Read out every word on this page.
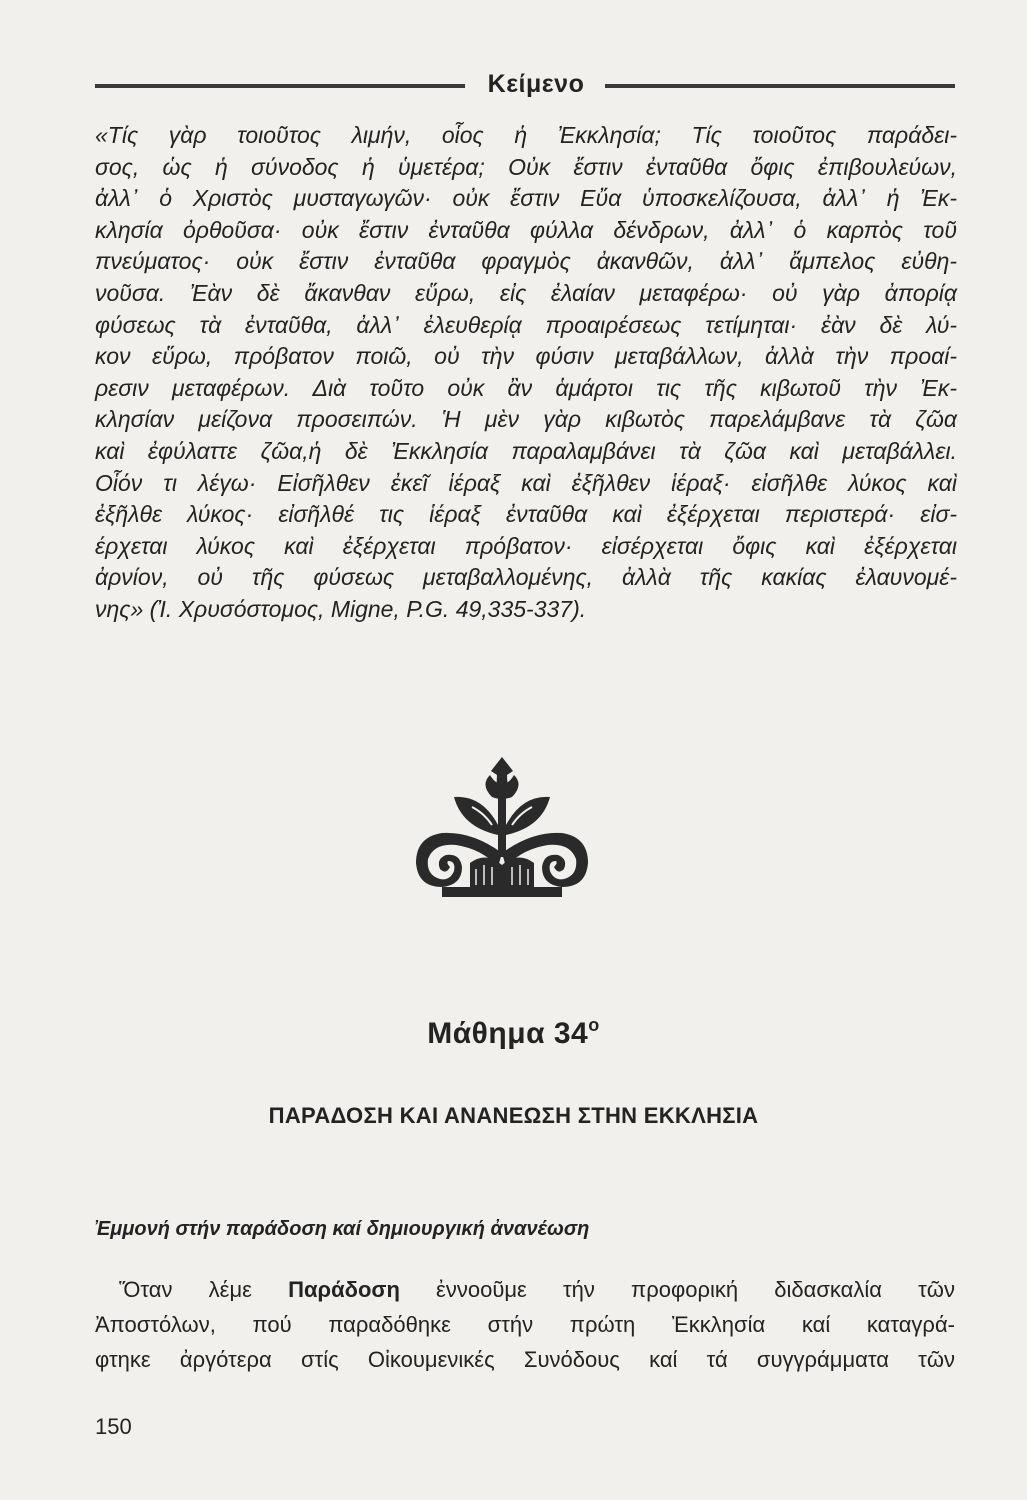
Κείμενο
«Τίς γὰρ τοιοῦτος λιμήν, οἷος ἡ Ἐκκλησία; Τίς τοιοῦτος παράδει-
σος, ὡς ἡ σύνοδος ἡ ὑμετέρα; Οὐκ ἔστιν ἐνταῦθα ὄφις ἐπιβουλεύων,
ἀλλ᾽ ὁ Χριστὸς μυσταγωγῶν· οὐκ ἔστιν Εὔα ὑποσκελίζουσα, ἀλλ᾽ ἡ Ἐκ-
κλησία ὀρθοῦσα· οὐκ ἔστιν ἐνταῦθα φύλλα δένδρων, ἀλλ᾽ ὁ καρπὸς τοῦ
πνεύματος· οὐκ ἔστιν ἐνταῦθα φραγμὸς ἀκανθῶν, ἀλλ᾽ ἄμπελος εὐθη-
νοῦσα. Ἐὰν δὲ ἄκανθαν εὕρω, εἰς ἐλαίαν μεταφέρω· οὐ γὰρ ἀπορίᾳ
φύσεως τὰ ἐνταῦθα, ἀλλ᾽ ἐλευθερίᾳ προαιρέσεως τετίμηται· ἐὰν δὲ λύ-
κον εὕρω, πρόβατον ποιῶ, οὐ τὴν φύσιν μεταβάλλων, ἀλλὰ τὴν προαί-
ρεσιν μεταφέρων. Διὰ τοῦτο οὐκ ἂν ἁμάρτοι τις τῆς κιβωτοῦ τὴν Ἐκ-
κλησίαν μείζονα προσειπών. Ἡ μὲν γὰρ κιβωτὸς παρελάμβανε τὰ ζῶα
καὶ ἐφύλαττε ζῶα,ἡ δὲ Ἐκκλησία παραλαμβάνει τὰ ζῶα καὶ μεταβάλλει.
Οἷόν τι λέγω· Εἰσῆλθεν ἐκεῖ ἱέραξ καὶ ἐξῆλθεν ἱέραξ· εἰσῆλθε λύκος καὶ
ἐξῆλθε λύκος· εἰσῆλθέ τις ἱέραξ ἐνταῦθα καὶ ἐξέρχεται περιστερά· εἰσ-
έρχεται λύκος καὶ ἐξέρχεται πρόβατον· εἰσέρχεται ὄφις καὶ ἐξέρχεται
ἀρνίον, οὐ τῆς φύσεως μεταβαλλομένης, ἀλλὰ τῆς κακίας ἐλαυνομέ-
νης» (Ἰ. Χρυσόστομος, Migne, P.G. 49,335-337).
Μάθημα $34^o$
ΠΑΡΑΔΟΣΗ ΚΑΙ ΑΝΑΝΕΩΣΗ ΣΤΗΝ ΕΚΚΛΗΣΙΑ
Ἐμμονή στήν παράδοση καί δημιουργική ἀνανέωση
Ὅταν λέμε Παράδοση ἐννοοῦμε τήν προφορική διδασκαλία τῶν
Ἀποστόλων, πού παραδόθηκε στήν πρώτη Ἐκκλησία καί καταγρά-
φτηκε ἀργότερα στίς Οἰκουμενικές Συνόδους καί τά συγγράμματα τῶν
150
